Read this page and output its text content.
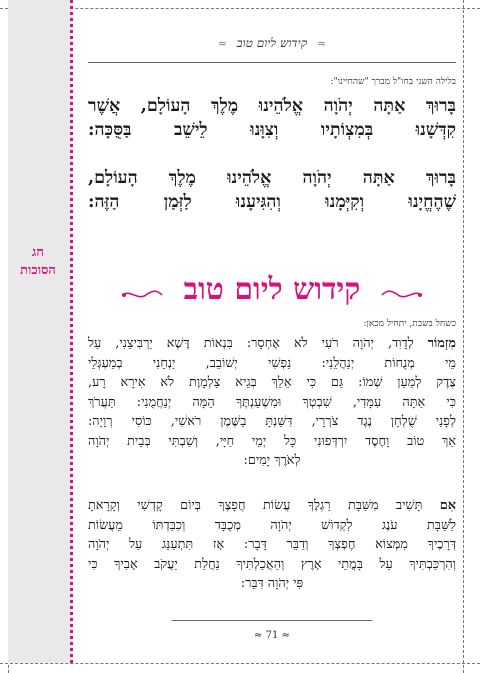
חג
הסוכות
≈ קידוש ליום טוב ≈
בלילה השני בחו"ל מברך "שהחיינו":

בָּרוּךְ אַתָּה יְהֹוָה אֱלֹהֵינוּ מֶלֶךְ הָעוֹלָם, אֲשֶׁר

קִדְּשָׁנוּ בְּמִצְוֹתָיו וְצִוָּנוּ לֵישֵׁב בַּסֻּכָּה:

בָּרוּךְ אַתָּה יְהֹוָה אֱלֹהֵינוּ מֶלֶךְ הָעוֹלָם,

שֶׁהֶחֱיָנוּ וְקִיְּמָנוּ וְהִגִּיעָנוּ לַזְּמַן הַזֶּה:

קידוש ליום טוב
כשחל בשבת, יתחיל מכאן:

מִזְמוֹר לְדָוִד, יְהֹוָה רֹעִי לֹא אֶחְסָר: בִּנְאוֹת דֶּשֶׁא יַרְבִּיצֵנִי, עַל

מֵי מְנֻחוֹת יְנַהֲלֵנִי: נַפְשִׁי יְשׁוֹבֵב, יַנְחֵנִי בְמַעְגְּלֵי

צֶדֶק לְמַעַן שְׁמוֹ: גַּם כִּי אֵלֵךְ בְּגֵיא צַלְמָוֶת לֹא אִירָא רָע,

כִּי אַתָּה עִמָּדִי, שִׁבְטְךָ וּמִשְׁעַנְתֶּךָ הֵמָּה יְנַחֲמֻנִי: תַּעֲרֹךְ

לְפָנַי שֻׁלְחָן נֶגֶד צֹרְרָי, דִּשַּׁנְתָּ בַשֶּׁמֶן רֹאשִׁי, כּוֹסִי רְוָיָה:

אַךְ טוֹב וָחֶסֶד יִרְדְּפוּנִי כָּל יְמֵי חַיָּי, וְשַׁבְתִּי בְּבֵית יְהֹוָה

לְאֹרֶךְ יָמִים:

אִם תָּשִׁיב מִשַּׁבָּת רַגְלֶךָ עֲשׂוֹת חֲפָצֶךָ בְּיוֹם קָדְשִׁי וְקָרָאתָ

לַשַּׁבָּת עֹנֶג לִקְדוֹשׁ יְהֹוָה מְכֻבָּד וְכִבַּדְתּוֹ מֵעֲשׂוֹת

דְּרָכֶיךָ מִמְּצוֹא חֶפְצְךָ וְדַבֵּר דָּבָר: אָז תִּתְעַנַּג עַל יְהֹוָה

וְהִרְכַּבְתִּיךָ עַל בָּמֳתֵי אָרֶץ וְהַאֲכַלְתִּיךָ נַחֲלַת יַעֲקֹב אָבִיךָ כִּי

פִּי יְהֹוָה דִּבֵּר:

≈ 71 ≈
